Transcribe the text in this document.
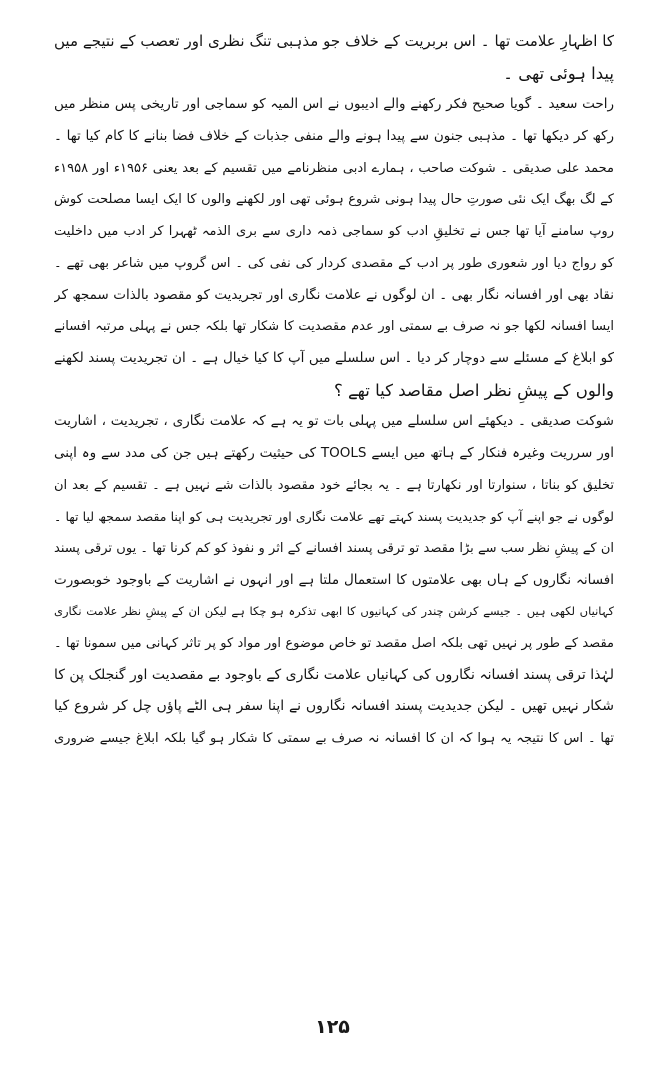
کا اظہارِ علامت تھا ۔ اس بربریت کے خلاف جو مذہبی تنگ نظری اور تعصب کے نتیجے میں
پیدا ہوئی تھی ۔
راحت سعید ۔ گویا صحیح فکر رکھنے والے ادیبوں نے اس المیہ کو سماجی اور تاریخی پس منظر میں
رکھ کر دیکھا تھا ۔ مذہبی جنون سے پیدا ہونے والے منفی جذبات کے خلاف فضا بنانے کا کام کیا تھا ۔
محمد علی صدیقی ۔ شوکت صاحب ، ہمارے ادبی منظرنامے میں تقسیم کے بعد یعنی ۱۹۵۶ء اور ۱۹۵۸ء
کے لگ بھگ ایک نئی صورتِ حال پیدا ہونی شروع ہوئی تھی اور لکھنے والوں کا ایک ایسا مصلحت کوش
روپ سامنے آیا تھا جس نے تخلیقِ ادب کو سماجی ذمہ داری سے بری الذمہ ٹھہرا کر ادب میں داخلیت
کو رواج دیا اور شعوری طور پر ادب کے مقصدی کردار کی نفی کی ۔ اس گروپ میں شاعر بھی تھے ۔
نقاد بھی اور افسانہ نگار بھی ۔ ان لوگوں نے علامت نگاری اور تجریدیت کو مقصود بالذات سمجھ کر
ایسا افسانہ لکھا جو نہ صرف بے سمتی اور عدم مقصدیت کا شکار تھا بلکہ جس نے پہلی مرتبہ افسانے
کو ابلاغ کے مسئلے سے دوچار کر دیا ۔ اس سلسلے میں آپ کا کیا خیال ہے ۔ ان تجریدیت پسند لکھنے
والوں کے پیشِ نظر اصل مقاصد کیا تھے ؟
شوکت صدیقی ۔ دیکھئے اس سلسلے میں پہلی بات تو یہ ہے کہ علامت نگاری ، تجریدیت ، اشاریت
اور سرریت وغیرہ فنکار کے ہاتھ میں ایسے TOOLS کی حیثیت رکھتے ہیں جن کی مدد سے وہ اپنی
تخلیق کو بناتا ، سنوارتا اور نکھارتا ہے ۔ یہ بجائے خود مقصود بالذات شے نہیں ہے ۔ تقسیم کے بعد ان
لوگوں نے جو اپنے آپ کو جدیدیت پسند کہتے تھے علامت نگاری اور تجریدیت ہی کو اپنا مقصد سمجھ لیا تھا ۔
ان کے پیشِ نظر سب سے بڑا مقصد تو ترقی پسند افسانے کے اثر و نفوذ کو کم کرنا تھا ۔ یوں ترقی پسند
افسانہ نگاروں کے ہاں بھی علامتوں کا استعمال ملتا ہے اور انہوں نے اشاریت کے باوجود خوبصورت
کہانیاں لکھی ہیں ۔ جیسے کرشن چندر کی کہانیوں کا ابھی تذکرہ ہو چکا ہے لیکن ان کے پیشِ نظر علامت نگاری
مقصد کے طور پر نہیں تھی بلکہ اصل مقصد تو خاص موضوع اور مواد کو پر تاثر کہانی میں سمونا تھا ۔
لہٰذا ترقی پسند افسانہ نگاروں کی کہانیاں علامت نگاری کے باوجود بے مقصدیت اور گنجلک پن کا
شکار نہیں تھیں ۔ لیکن جدیدیت پسند افسانہ نگاروں نے اپنا سفر ہی الٹے پاؤں چل کر شروع کیا
تھا ۔ اس کا نتیجہ یہ ہوا کہ ان کا افسانہ نہ صرف بے سمتی کا شکار ہو گیا بلکہ ابلاغ جیسے ضروری
۱۲۵
